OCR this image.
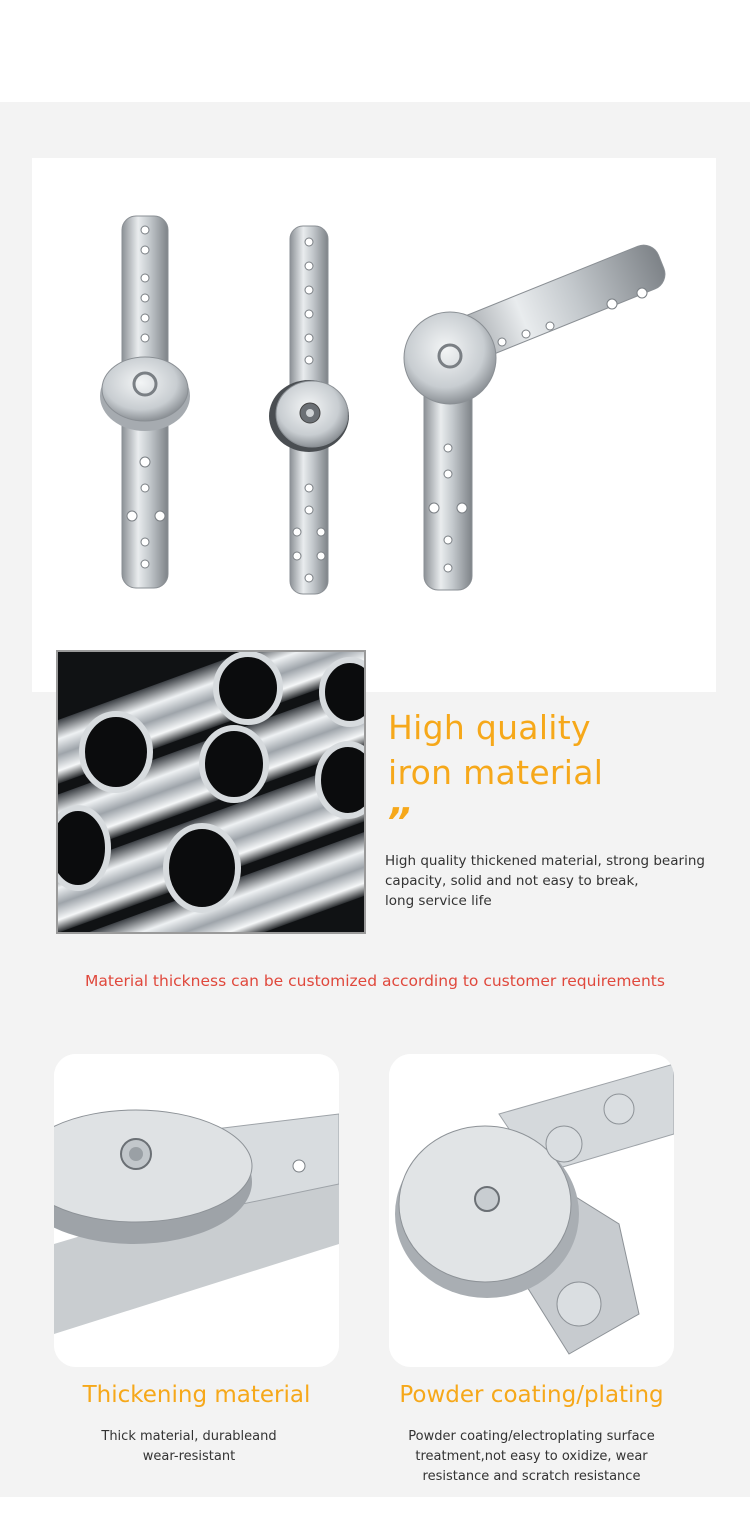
High quality
iron material
”
High quality thickened material, strong bearing
capacity, solid and not easy to break,
long service life
Material thickness can be customized according to customer requirements
Thickening material
Thick material, durableand
wear-resistant
Powder coating/plating
Powder coating/electroplating surface
treatment,not easy to oxidize, wear
resistance and scratch resistance
